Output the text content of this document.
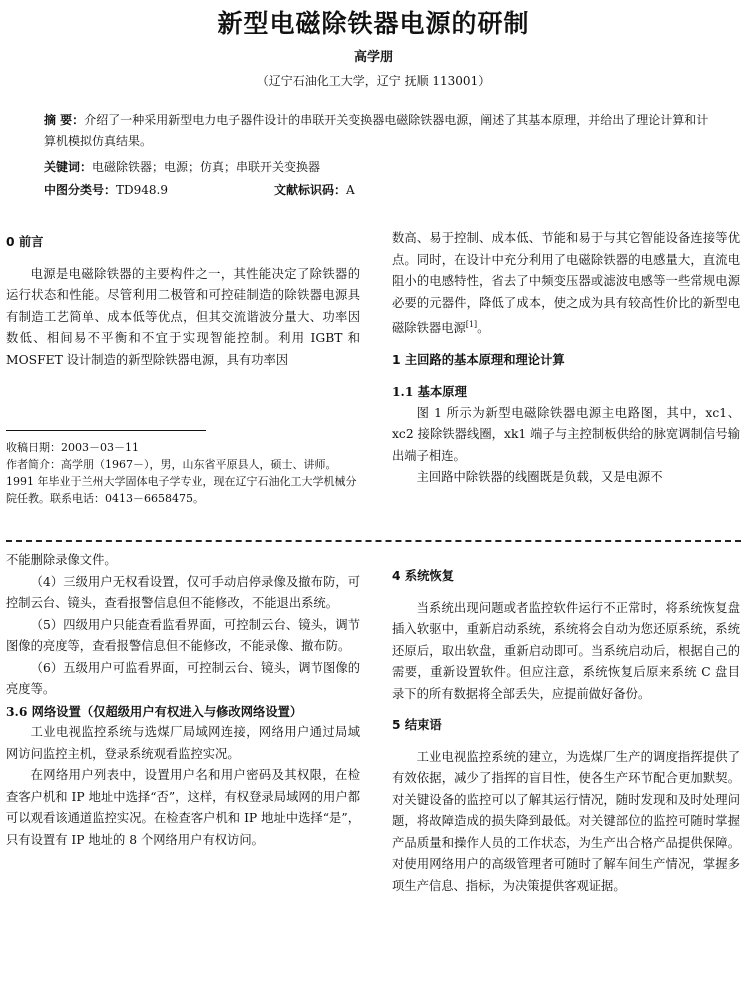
新型电磁除铁器电源的研制
高学朋
（辽宁石油化工大学，辽宁 抚顺 113001）
摘 要：介绍了一种采用新型电力电子器件设计的串联开关变换器电磁除铁器电源，阐述了其基本原理，并给出了理论计算和计算机模拟仿真结果。
关键词：电磁除铁器；电源；仿真；串联开关变换器
中图分类号：TD948.9	文献标识码：A

0 前言

电源是电磁除铁器的主要构件之一，其性能决定了除铁器的运行状态和性能。尽管利用二极管和可控硅制造的除铁器电源具有制造工艺简单、成本低等优点，但其交流谐波分量大、功率因数低、相间易不平衡和不宜于实现智能控制。利用 IGBT 和 MOSFET 设计制造的新型除铁器电源，具有功率因

收稿日期：2003－03－11

作者简介：高学朋（1967－），男，山东省平原县人，硕士、讲师。1991 年毕业于兰州大学固体电子学专业，现在辽宁石油化工大学机械分院任教。联系电话：0413－6658475。

数高、易于控制、成本低、节能和易于与其它智能设备连接等优点。同时，在设计中充分利用了电磁除铁器的电感量大，直流电阻小的电感特性，省去了中频变压器或滤波电感等一些常规电源必要的元器件，降低了成本，使之成为具有较高性价比的新型电磁除铁器电源[1]。

1 主回路的基本原理和理论计算

1.1 基本原理

图 1 所示为新型电磁除铁器电源主电路图，其中，xc1、xc2 接除铁器线圈，xk1 端子与主控制板供给的脉宽调制信号输出端子相连。

主回路中除铁器的线圈既是负载，又是电源不

不能删除录像文件。

（4）三级用户无权看设置，仅可手动启停录像及撤布防，可控制云台、镜头，查看报警信息但不能修改，不能退出系统。

（5）四级用户只能查看监看界面，可控制云台、镜头，调节图像的亮度等，查看报警信息但不能修改，不能录像、撤布防。

（6）五级用户可监看界面，可控制云台、镜头，调节图像的亮度等。

3.6 网络设置（仅超级用户有权进入与修改网络设置）

工业电视监控系统与选煤厂局域网连接，网络用户通过局域网访问监控主机，登录系统观看监控实况。

在网络用户列表中，设置用户名和用户密码及其权限，在检查客户机和 IP 地址中选择“否”，这样，有权登录局域网的用户都可以观看该通道监控实况。在检查客户机和 IP 地址中选择“是”，只有设置有 IP 地址的 8 个网络用户有权访问。

4 系统恢复

当系统出现问题或者监控软件运行不正常时，将系统恢复盘插入软驱中，重新启动系统，系统将会自动为您还原系统，系统还原后，取出软盘，重新启动即可。当系统启动后，根据自己的需要，重新设置软件。但应注意，系统恢复后原来系统 C 盘目录下的所有数据将全部丢失，应提前做好备份。

5 结束语

工业电视监控系统的建立，为选煤厂生产的调度指挥提供了有效依据，减少了指挥的盲目性，使各生产环节配合更加默契。对关键设备的监控可以了解其运行情况，随时发现和及时处理问题，将故障造成的损失降到最低。对关键部位的监控可随时掌握产品质量和操作人员的工作状态，为生产出合格产品提供保障。对使用网络用户的高级管理者可随时了解车间生产情况，掌握多项生产信息、指标，为决策提供客观证据。
